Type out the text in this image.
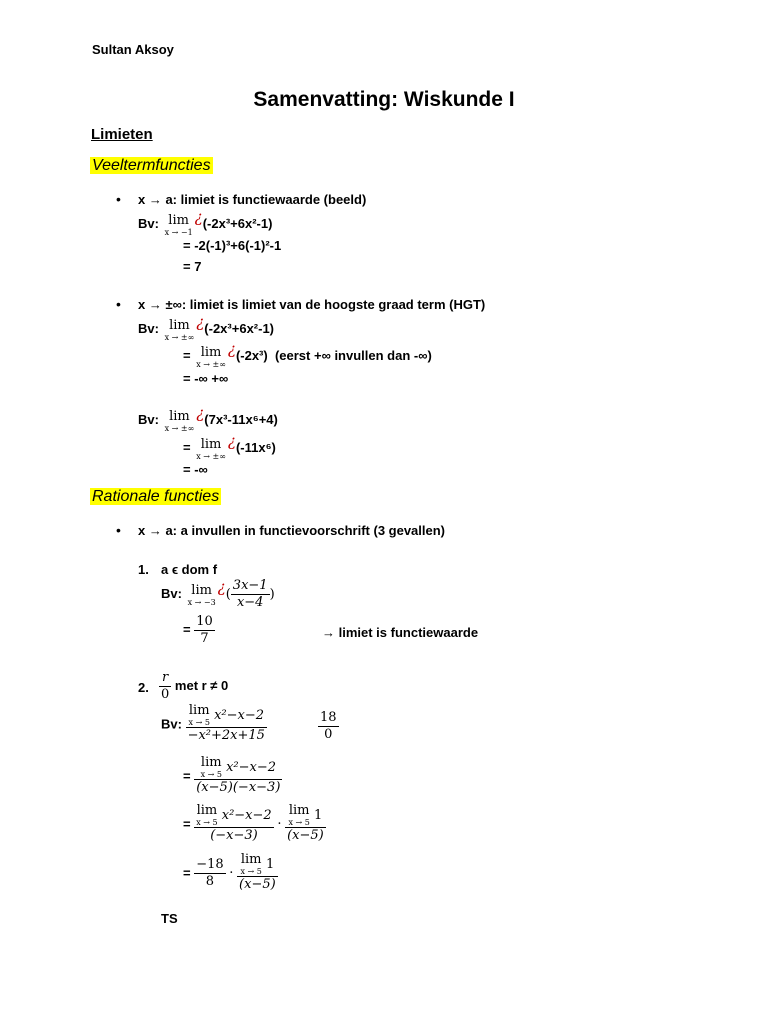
Sultan Aksoy
Samenvatting: Wiskunde I
Limieten
Veeltermfuncties
• x → a: limiet is functiewaarde (beeld)
Bv: lim
x → −1
¿(-2x³+6x²-1)
= -2(-1)³+6(-1)²-1
= 7
• x → ±∞: limiet is limiet van de hoogste graad term (HGT)
Bv: lim
x → ±∞
¿(-2x³+6x²-1)
= lim
x → ±∞
¿(-2x³) (eerst +∞ invullen dan -∞)
= -∞ +∞
Bv: lim
x → ±∞
¿(7x³-11x⁶+4)
= lim
x → ±∞
¿(-11x⁶)
= -∞
Rationale functies
• x → a: a invullen in functievoorschrift (3 gevallen)
1. a ϵ dom f
Bv: lim
x → −3
¿( $\frac{3x-1}{x-4}$ )
= $\frac{10}{7}$	→ limiet is functiewaarde
2. $\frac{r}{0}$ met r ≠ 0
Bv: lim
x → 5 x²−x−2
−x²+2x+15	$\frac{18}{0}$
= lim
x → 5 x²−x−2
(x−5)(−x−3)
= lim
x → 5 x²−x−2
(−x−3) · lim
x → 5 1
(x−5)
= $\frac{-18}{8} \cdot \lim$
x → 5 1
(x−5)
TS
